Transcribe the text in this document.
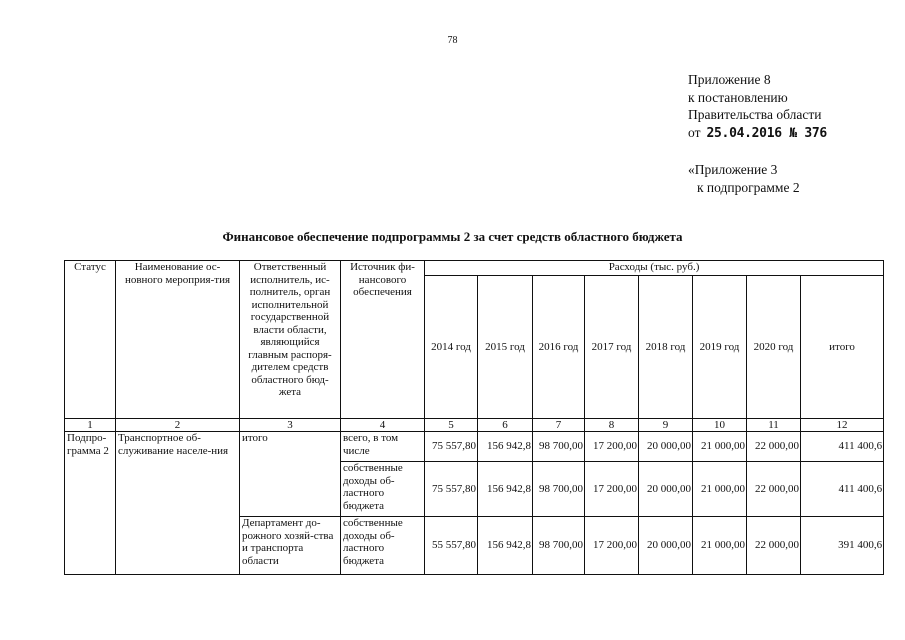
78
Приложение 8
к постановлению
Правительства области
от 25.04.2016 № 376
«Приложение 3
к подпрограмме 2
Финансовое обеспечение подпрограммы 2 за счет средств областного бюджета
Статус	Наименование ос-новного мероприя-тия	Ответственный исполнитель, ис-полнитель, орган исполнительной государственной власти области, являющийся главным распоря-дителем средств областного бюд-жета	Источник фи-нансового обеспечения	Расходы (тыс. руб.)							
				2014 год	2015 год	2016 год	2017 год	2018 год	2019 год	2020 год	итого
1	2	3	4	5	6	7	8	9	10	11	12
Подпро-грамма 2	Транспортное об-служивание населе-ния	итого	всего, в том числе	75 557,80	156 942,8	98 700,00	17 200,00	20 000,00	21 000,00	22 000,00	411 400,6
			собственные доходы об-ластного бюджета	75 557,80	156 942,8	98 700,00	17 200,00	20 000,00	21 000,00	22 000,00	411 400,6
		Департамент до-рожного хозяй-ства и транспорта области	собственные доходы об-ластного бюджета	55 557,80	156 942,8	98 700,00	17 200,00	20 000,00	21 000,00	22 000,00	391 400,6
